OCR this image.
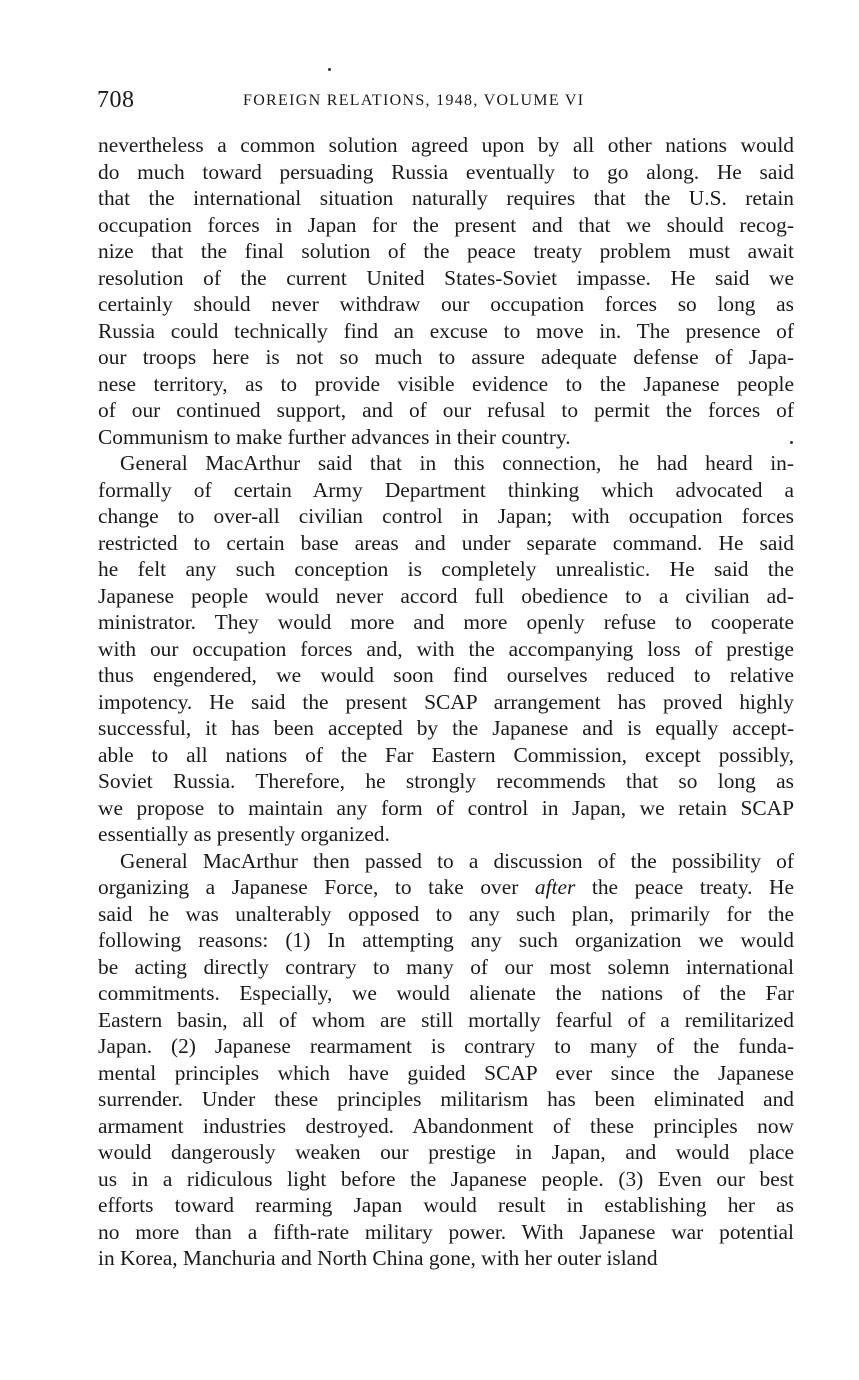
708	FOREIGN RELATIONS, 1948, VOLUME VI
nevertheless a common solution agreed upon by all other nations would
do much toward persuading Russia eventually to go along. He said
that the international situation naturally requires that the U.S. retain
occupation forces in Japan for the present and that we should recog-
nize that the final solution of the peace treaty problem must await
resolution of the current United States-Soviet impasse. He said we
certainly should never withdraw our occupation forces so long as
Russia could technically find an excuse to move in. The presence of
our troops here is not so much to assure adequate defense of Japa-
nese territory, as to provide visible evidence to the Japanese people
of our continued support, and of our refusal to permit the forces of
Communism to make further advances in their country.
General MacArthur said that in this connection, he had heard in-
formally of certain Army Department thinking which advocated a
change to over-all civilian control in Japan; with occupation forces
restricted to certain base areas and under separate command. He said
he felt any such conception is completely unrealistic. He said the
Japanese people would never accord full obedience to a civilian ad-
ministrator. They would more and more openly refuse to cooperate
with our occupation forces and, with the accompanying loss of prestige
thus engendered, we would soon find ourselves reduced to relative
impotency. He said the present SCAP arrangement has proved highly
successful, it has been accepted by the Japanese and is equally accept-
able to all nations of the Far Eastern Commission, except possibly,
Soviet Russia. Therefore, he strongly recommends that so long as
we propose to maintain any form of control in Japan, we retain SCAP
essentially as presently organized.
General MacArthur then passed to a discussion of the possibility of
organizing a Japanese Force, to take over after the peace treaty. He
said he was unalterably opposed to any such plan, primarily for the
following reasons: (1) In attempting any such organization we would
be acting directly contrary to many of our most solemn international
commitments. Especially, we would alienate the nations of the Far
Eastern basin, all of whom are still mortally fearful of a remilitarized
Japan. (2) Japanese rearmament is contrary to many of the funda-
mental principles which have guided SCAP ever since the Japanese
surrender. Under these principles militarism has been eliminated and
armament industries destroyed. Abandonment of these principles now
would dangerously weaken our prestige in Japan, and would place
us in a ridiculous light before the Japanese people. (3) Even our best
efforts toward rearming Japan would result in establishing her as
no more than a fifth-rate military power. With Japanese war potential
in Korea, Manchuria and North China gone, with her outer island
